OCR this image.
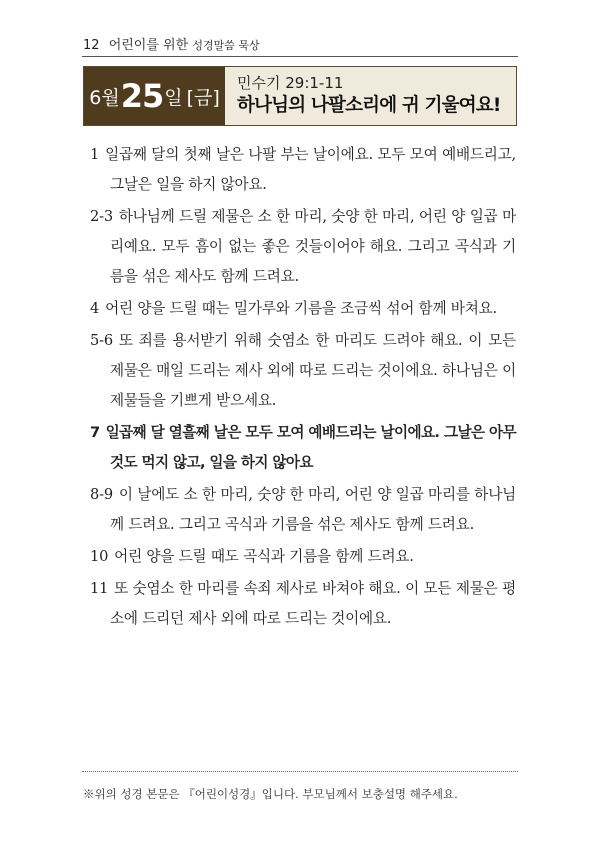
12 어린이를 위한 성경말씀 묵상
6월 25 일 [금]
민수기 29:1-11
하나님의 나팔소리에 귀 기울여요!

1 일곱째 달의 첫째 날은 나팔 부는 날이에요. 모두 모여 예배드리고, 그날은 일을 하지 않아요.

2-3 하나님께 드릴 제물은 소 한 마리, 숫양 한 마리, 어린 양 일곱 마리예요. 모두 흠이 없는 좋은 것들이어야 해요. 그리고 곡식과 기름을 섞은 제사도 함께 드려요.

4 어린 양을 드릴 때는 밀가루와 기름을 조금씩 섞어 함께 바쳐요.

5-6 또 죄를 용서받기 위해 숫염소 한 마리도 드려야 해요. 이 모든 제물은 매일 드리는 제사 외에 따로 드리는 것이에요. 하나님은 이 제물들을 기쁘게 받으세요.

7 일곱째 달 열흘째 날은 모두 모여 예배드리는 날이에요. 그날은 아무것도 먹지 않고, 일을 하지 않아요

8-9 이 날에도 소 한 마리, 숫양 한 마리, 어린 양 일곱 마리를 하나님께 드려요. 그리고 곡식과 기름을 섞은 제사도 함께 드려요.

10 어린 양을 드릴 때도 곡식과 기름을 함께 드려요.

11 또 숫염소 한 마리를 속죄 제사로 바쳐야 해요. 이 모든 제물은 평소에 드리던 제사 외에 따로 드리는 것이에요.

※위의 성경 본문은 『어린이성경』입니다. 부모님께서 보충설명 해주세요.
